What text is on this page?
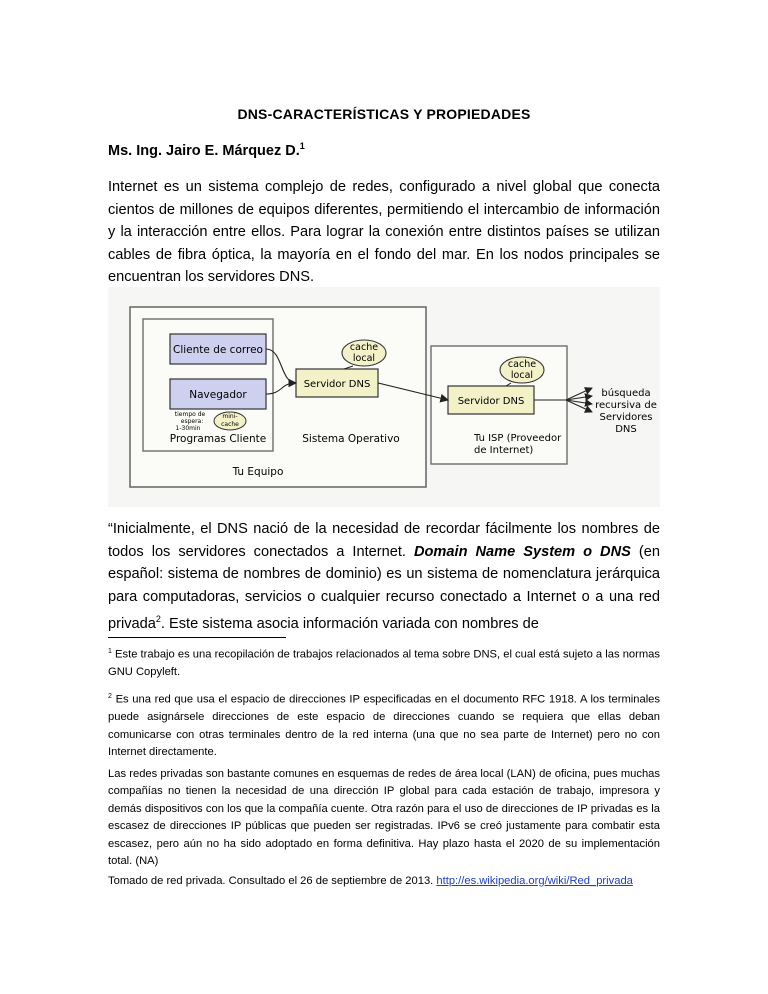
DNS-CARACTERÍSTICAS Y PROPIEDADES
Ms. Ing. Jairo E. Márquez D.$^1$
Internet es un sistema complejo de redes, configurado a nivel global que conecta cientos de millones de equipos diferentes, permitiendo el intercambio de información y la interacción entre ellos. Para lograr la conexión entre distintos países se utilizan cables de fibra óptica, la mayoría en el fondo del mar. En los nodos principales se encuentran los servidores DNS.
Cliente de correo
Navegador
mini-
cache
tiempo de
espera:
1-30min
Programas Cliente
cache
local
Servidor DNS
Sistema Operativo
Tu Equipo
cache
local
Servidor DNS
Tu ISP (Proveedor
de Internet)
búsqueda
recursiva de
Servidores
DNS
“Inicialmente, el DNS nació de la necesidad de recordar fácilmente los nombres de todos los servidores conectados a Internet. Domain Name System o DNS (en español: sistema de nombres de dominio) es un sistema de nomenclatura jerárquica para computadoras, servicios o cualquier recurso conectado a Internet o a una red privada$^2$. Este sistema asocia información variada con nombres de
$^1$ Este trabajo es una recopilación de trabajos relacionados al tema sobre DNS, el cual está sujeto a las normas GNU Copyleft.
$^2$ Es una red que usa el espacio de direcciones IP especificadas en el documento RFC 1918. A los terminales puede asignársele direcciones de este espacio de direcciones cuando se requiera que ellas deban comunicarse con otras terminales dentro de la red interna (una que no sea parte de Internet) pero no con Internet directamente.
Las redes privadas son bastante comunes en esquemas de redes de área local (LAN) de oficina, pues muchas compañías no tienen la necesidad de una dirección IP global para cada estación de trabajo, impresora y demás dispositivos con los que la compañía cuente. Otra razón para el uso de direcciones de IP privadas es la escasez de direcciones IP públicas que pueden ser registradas. IPv6 se creó justamente para combatir esta escasez, pero aún no ha sido adoptado en forma definitiva. Hay plazo hasta el 2020 de su implementación total. (NA)
Tomado de red privada. Consultado el 26 de septiembre de 2013. http://es.wikipedia.org/wiki/Red_privada
